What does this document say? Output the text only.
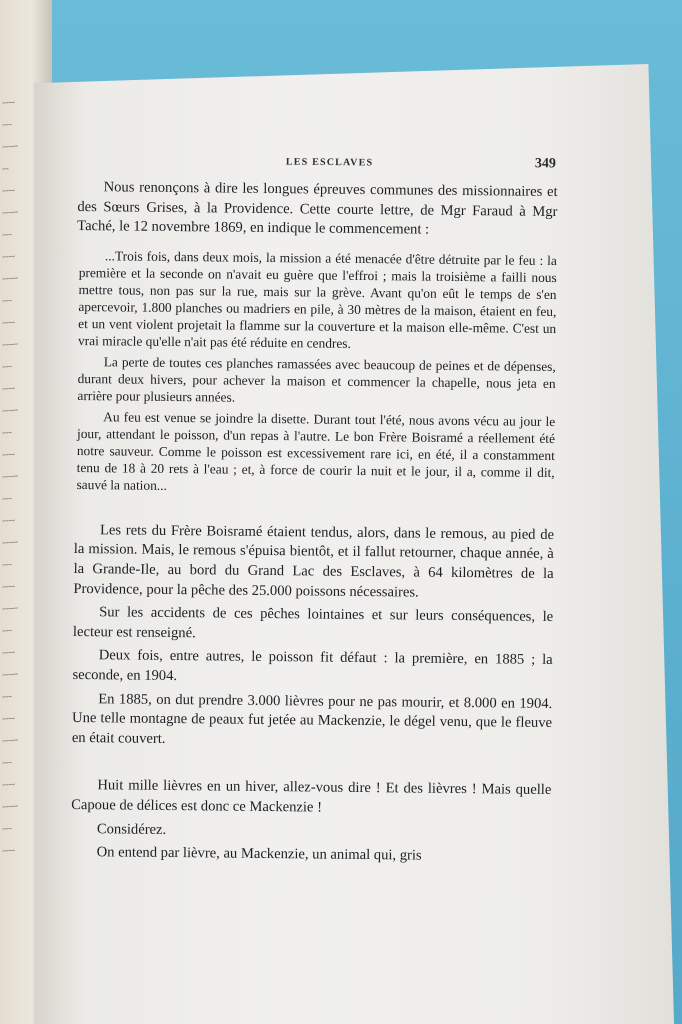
⁠‑‑‑‑
‑‑‑
‑‑‑‑‑
‑‑
‑‑‑‑
‑‑‑‑‑
‑‑‑
‑‑‑‑
‑‑‑‑‑
‑‑‑
‑‑‑‑
‑‑‑‑‑
‑‑‑
‑‑‑‑
‑‑‑‑‑
‑‑‑
‑‑‑‑
‑‑‑‑‑
‑‑‑
‑‑‑‑
‑‑‑‑‑
‑‑‑
‑‑‑‑
‑‑‑‑‑
‑‑‑
‑‑‑‑
‑‑‑‑‑
‑‑‑
‑‑‑‑
‑‑‑‑‑
‑‑‑
‑‑‑‑
‑‑‑‑‑
‑‑‑
‑‑‑‑
LES ESCLAVES	349

Nous renonçons à dire les longues épreuves communes des missionnaires et des Sœurs Grises, à la Providence. Cette courte lettre, de Mgr Faraud à Mgr Taché, le 12 novembre 1869, en indique le commencement :

...Trois fois, dans deux mois, la mission a été menacée d'être détruite par le feu : la première et la seconde on n'avait eu guère que l'effroi ; mais la troisième a failli nous mettre tous, non pas sur la rue, mais sur la grève. Avant qu'on eût le temps de s'en apercevoir, 1.800 planches ou madriers en pile, à 30 mètres de la maison, étaient en feu, et un vent violent projetait la flamme sur la couverture et la maison elle-même. C'est un vrai miracle qu'elle n'ait pas été réduite en cendres.

La perte de toutes ces planches ramassées avec beaucoup de peines et de dépenses, durant deux hivers, pour achever la maison et commencer la chapelle, nous jeta en arrière pour plusieurs années.

Au feu est venue se joindre la disette. Durant tout l'été, nous avons vécu au jour le jour, attendant le poisson, d'un repas à l'autre. Le bon Frère Boisramé a réellement été notre sauveur. Comme le poisson est excessivement rare ici, en été, il a constamment tenu de 18 à 20 rets à l'eau ; et, à force de courir la nuit et le jour, il a, comme il dit, sauvé la nation...

Les rets du Frère Boisramé étaient tendus, alors, dans le remous, au pied de la mission. Mais, le remous s'épuisa bientôt, et il fallut retourner, chaque année, à la Grande-Ile, au bord du Grand Lac des Esclaves, à 64 kilomètres de la Providence, pour la pêche des 25.000 poissons nécessaires.

Sur les accidents de ces pêches lointaines et sur leurs conséquences, le lecteur est renseigné.

Deux fois, entre autres, le poisson fit défaut : la première, en 1885 ; la seconde, en 1904.

En 1885, on dut prendre 3.000 lièvres pour ne pas mourir, et 8.000 en 1904. Une telle montagne de peaux fut jetée au Mackenzie, le dégel venu, que le fleuve en était couvert.

Huit mille lièvres en un hiver, allez-vous dire ! Et des lièvres ! Mais quelle Capoue de délices est donc ce Mackenzie !

Considérez.

On entend par lièvre, au Mackenzie, un animal qui, gris
